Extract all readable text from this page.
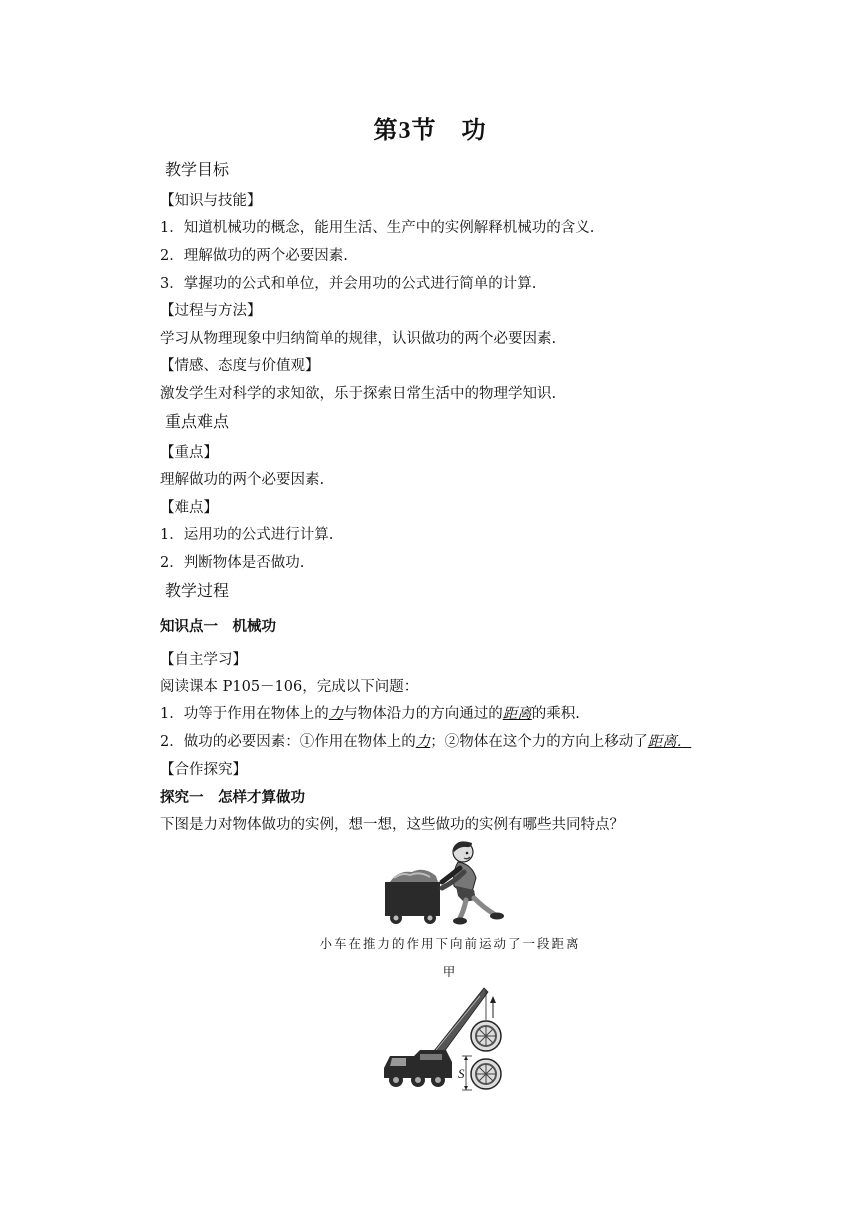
第3节　功
教学目标
【知识与技能】
1．知道机械功的概念，能用生活、生产中的实例解释机械功的含义.
2．理解做功的两个必要因素.
3．掌握功的公式和单位，并会用功的公式进行简单的计算.
【过程与方法】
学习从物理现象中归纳简单的规律，认识做功的两个必要因素.
【情感、态度与价值观】
激发学生对科学的求知欲，乐于探索日常生活中的物理学知识.
重点难点
【重点】
理解做功的两个必要因素.
【难点】
1．运用功的公式进行计算.
2．判断物体是否做功.
教学过程
知识点一　机械功
【自主学习】
阅读课本 P105－106，完成以下问题：
1．功等于作用在物体上的力与物体沿力的方向通过的距离的乘积.
2．做功的必要因素：①作用在物体上的力；②物体在这个力的方向上移动了距离．
【合作探究】
探究一　怎样才算做功
下图是力对物体做功的实例，想一想，这些做功的实例有哪些共同特点？
小车在推力的作用下向前运动了一段距离
甲
S
